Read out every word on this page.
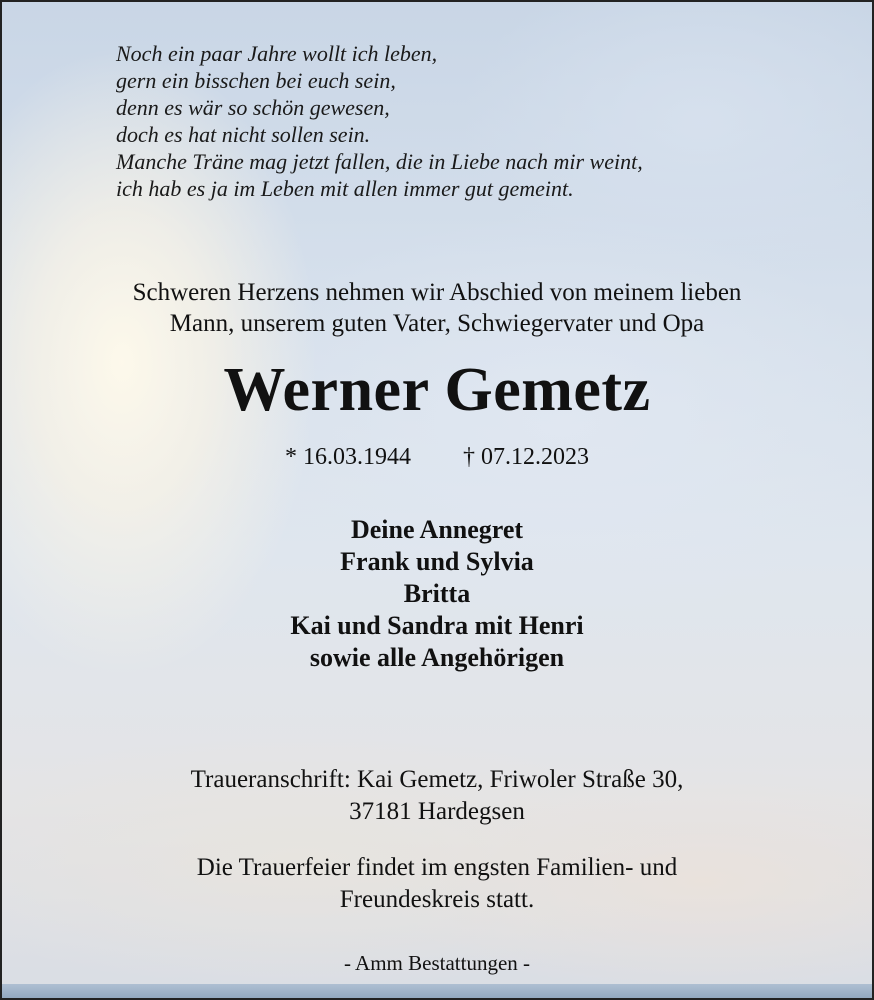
Noch ein paar Jahre wollt ich leben,
gern ein bisschen bei euch sein,
denn es wär so schön gewesen,
doch es hat nicht sollen sein.
Manche Träne mag jetzt fallen, die in Liebe nach mir weint,
ich hab es ja im Leben mit allen immer gut gemeint.
Schweren Herzens nehmen wir Abschied von meinem lieben
Mann, unserem guten Vater, Schwiegervater und Opa
Werner Gemetz
* 16.03.1944 † 07.12.2023
Deine Annegret
Frank und Sylvia
Britta
Kai und Sandra mit Henri
sowie alle Angehörigen
Traueranschrift: Kai Gemetz, Friwoler Straße 30,
37181 Hardegsen
Die Trauerfeier findet im engsten Familien- und
Freundeskreis statt.
- Amm Bestattungen -
